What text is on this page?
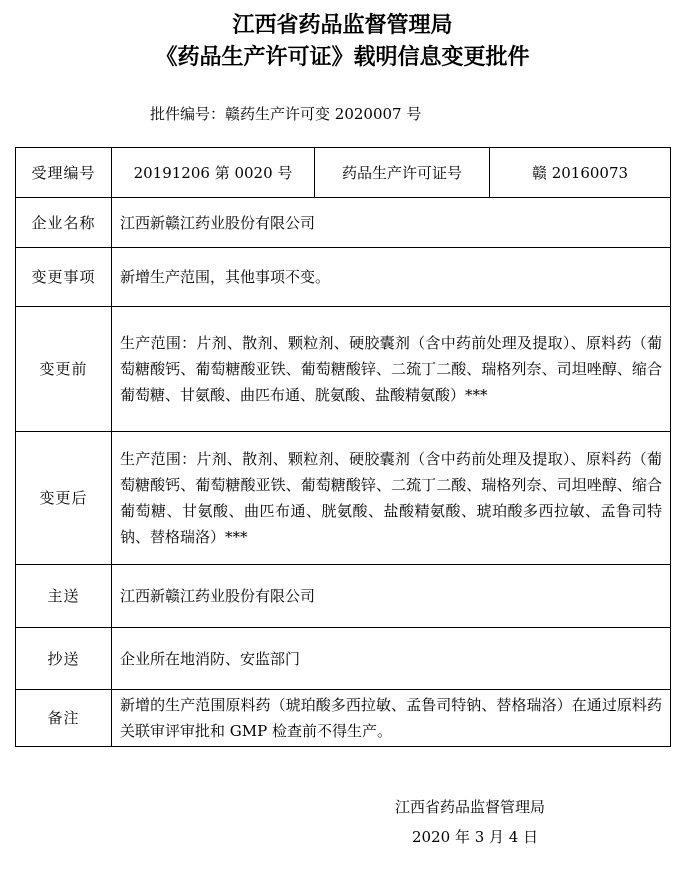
江西省药品监督管理局
《药品生产许可证》载明信息变更批件
批件编号：赣药生产许可变 2020007 号
受理编号	20191206 第 0020 号	药品生产许可证号	赣 20160073
企业名称	江西新赣江药业股份有限公司		
变更事项	新增生产范围，其他事项不变。		
变更前	生产范围：片剂、散剂、颗粒剂、硬胶囊剂（含中药前处理及提取）、原料药（葡萄糖酸钙、葡萄糖酸亚铁、葡萄糖酸锌、二巯丁二酸、瑞格列奈、司坦唑醇、缩合葡萄糖、甘氨酸、曲匹布通、胱氨酸、盐酸精氨酸）***		
变更后	生产范围：片剂、散剂、颗粒剂、硬胶囊剂（含中药前处理及提取）、原料药（葡萄糖酸钙、葡萄糖酸亚铁、葡萄糖酸锌、二巯丁二酸、瑞格列奈、司坦唑醇、缩合葡萄糖、甘氨酸、曲匹布通、胱氨酸、盐酸精氨酸、琥珀酸多西拉敏、孟鲁司特钠、替格瑞洛）***		
主送	江西新赣江药业股份有限公司		
抄送	企业所在地消防、安监部门		
备注	新增的生产范围原料药（琥珀酸多西拉敏、孟鲁司特钠、替格瑞洛）在通过原料药关联审评审批和 GMP 检查前不得生产。		
江西省药品监督管理局
2020 年 3 月 4 日
